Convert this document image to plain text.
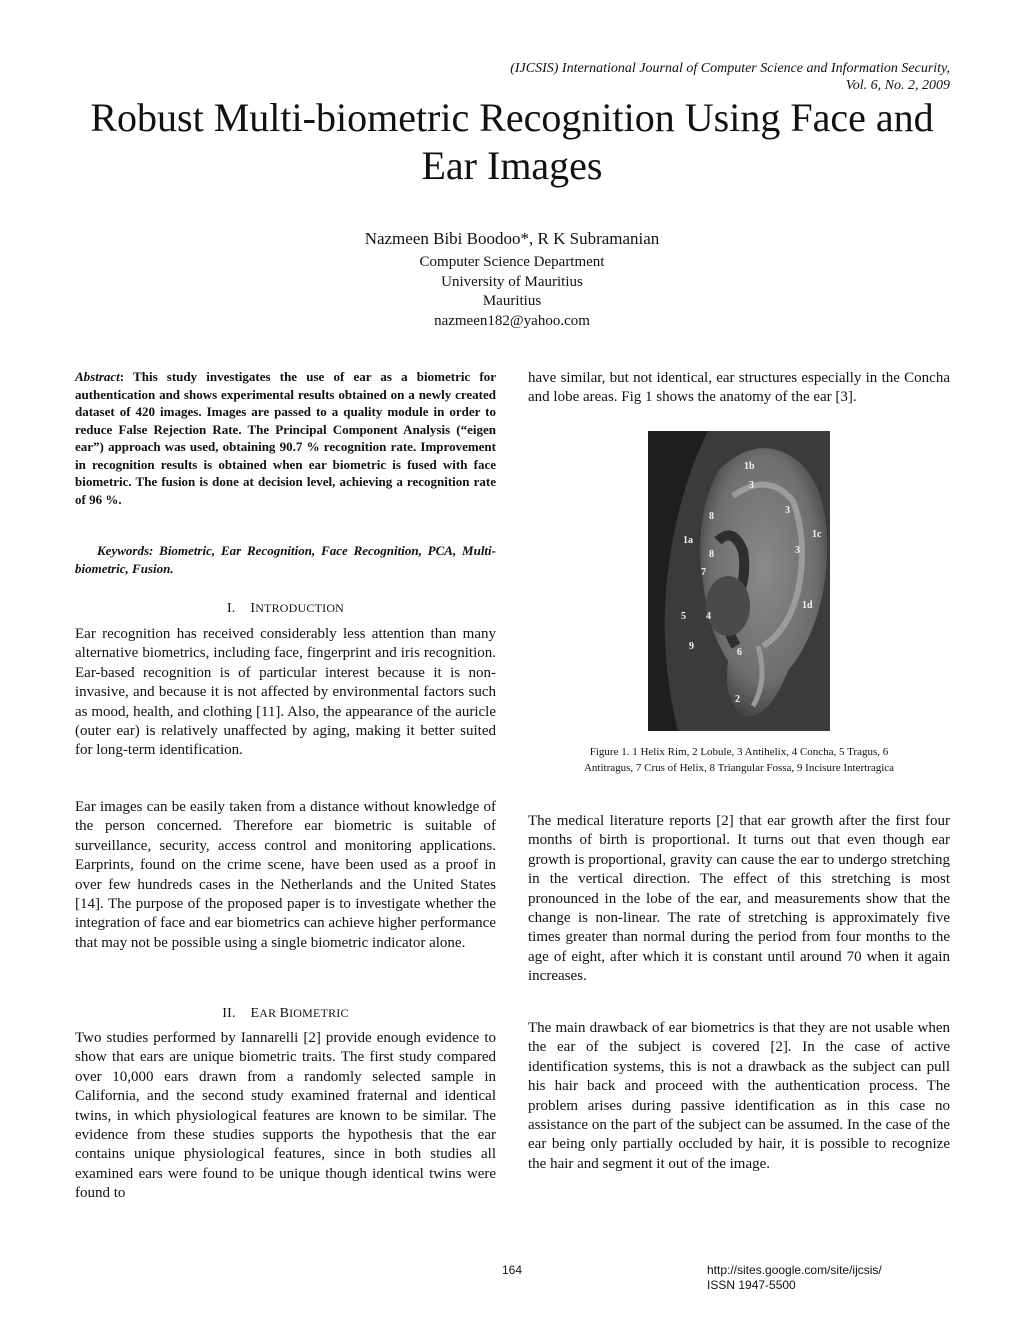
(IJCSIS) International Journal of Computer Science and Information Security,
Vol. 6, No. 2, 2009
Robust Multi-biometric Recognition Using Face and Ear Images
Nazmeen Bibi Boodoo*, R K Subramanian
Computer Science Department
University of Mauritius
Mauritius
nazmeen182@yahoo.com
Abstract: This study investigates the use of ear as a biometric for authentication and shows experimental results obtained on a newly created dataset of 420 images. Images are passed to a quality module in order to reduce False Rejection Rate. The Principal Component Analysis (“eigen ear”) approach was used, obtaining 90.7 % recognition rate. Improvement in recognition results is obtained when ear biometric is fused with face biometric. The fusion is done at decision level, achieving a recognition rate of 96 %.
Keywords: Biometric, Ear Recognition, Face Recognition, PCA, Multi-biometric, Fusion.
I. INTRODUCTION

Ear recognition has received considerably less attention than many alternative biometrics, including face, fingerprint and iris recognition. Ear-based recognition is of particular interest because it is non-invasive, and because it is not affected by environmental factors such as mood, health, and clothing [11]. Also, the appearance of the auricle (outer ear) is relatively unaffected by aging, making it better suited for long-term identification.

Ear images can be easily taken from a distance without knowledge of the person concerned. Therefore ear biometric is suitable of surveillance, security, access control and monitoring applications. Earprints, found on the crime scene, have been used as a proof in over few hundreds cases in the Netherlands and the United States [14]. The purpose of the proposed paper is to investigate whether the integration of face and ear biometrics can achieve higher performance that may not be possible using a single biometric indicator alone.

II. EAR BIOMETRIC

Two studies performed by Iannarelli [2] provide enough evidence to show that ears are unique biometric traits. The first study compared over 10,000 ears drawn from a randomly selected sample in California, and the second study examined fraternal and identical twins, in which physiological features are known to be similar. The evidence from these studies supports the hypothesis that the ear contains unique physiological features, since in both studies all examined ears were found to be unique though identical twins were found to

have similar, but not identical, ear structures especially in the Concha and lobe areas. Fig 1 shows the anatomy of the ear [3].

1b
3
3
1c
8
1a
8	3
7
1d
5 4
9
6
2
Figure 1. 1 Helix Rim, 2 Lobule, 3 Antihelix, 4 Concha, 5 Tragus, 6
Antitragus, 7 Crus of Helix, 8 Triangular Fossa, 9 Incisure Intertragica

The medical literature reports [2] that ear growth after the first four months of birth is proportional. It turns out that even though ear growth is proportional, gravity can cause the ear to undergo stretching in the vertical direction. The effect of this stretching is most pronounced in the lobe of the ear, and measurements show that the change is non-linear. The rate of stretching is approximately five times greater than normal during the period from four months to the age of eight, after which it is constant until around 70 when it again increases.

The main drawback of ear biometrics is that they are not usable when the ear of the subject is covered [2]. In the case of active identification systems, this is not a drawback as the subject can pull his hair back and proceed with the authentication process. The problem arises during passive identification as in this case no assistance on the part of the subject can be assumed. In the case of the ear being only partially occluded by hair, it is possible to recognize the hair and segment it out of the image.

164	http://sites.google.com/site/ijcsis/
ISSN 1947-5500
